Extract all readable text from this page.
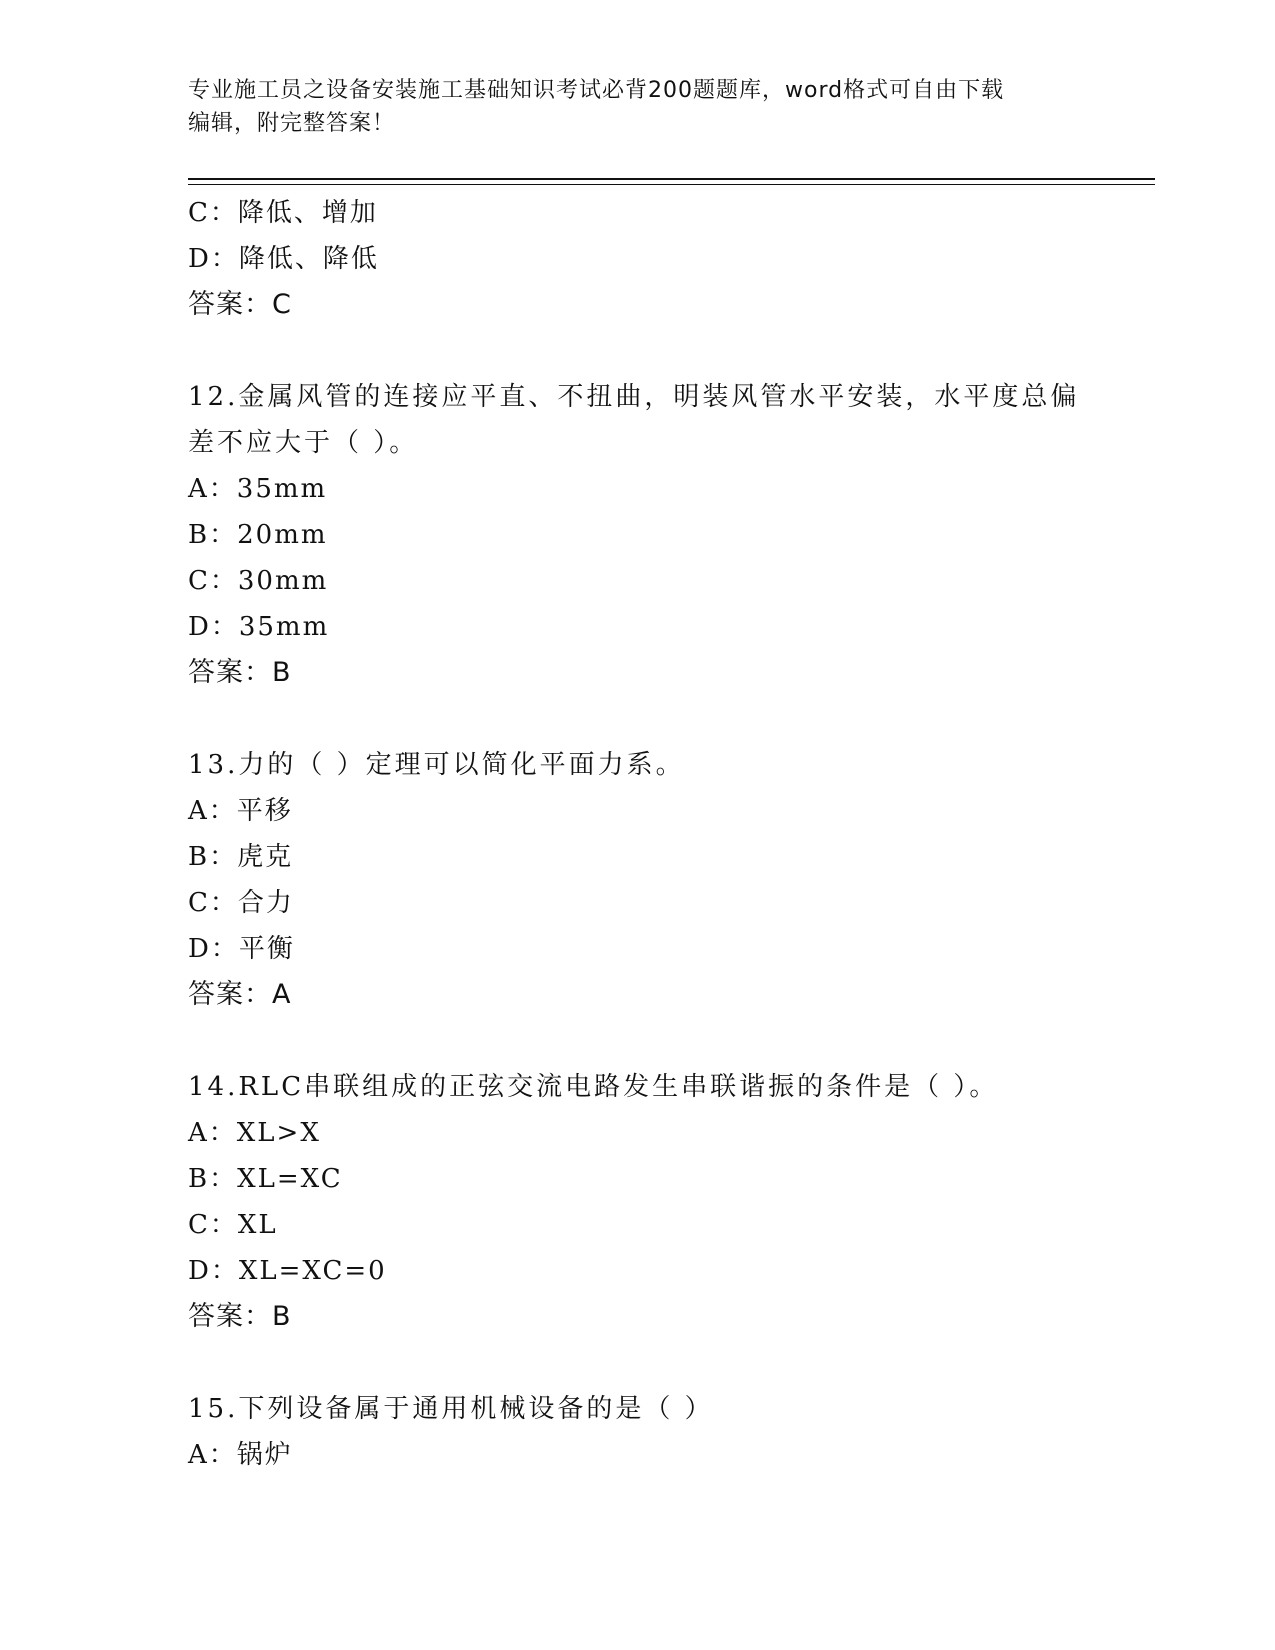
专业施工员之设备安装施工基础知识考试必背200题题库，word格式可自由下载
编辑，附完整答案！
C：降低、增加
D：降低、降低
答案：C
12.金属风管的连接应平直、不扭曲，明装风管水平安装，水平度总偏
差不应大于（ ）。
A：35mm
B：20mm
C：30mm
D：35mm
答案：B
13.力的（ ）定理可以简化平面力系。
A：平移
B：虎克
C：合力
D：平衡
答案：A
14.RLC串联组成的正弦交流电路发生串联谐振的条件是（ ）。
A：XL>X
B：XL=XC
C：XL
D：XL=XC=0
答案：B
15.下列设备属于通用机械设备的是（ ）
A：锅炉
